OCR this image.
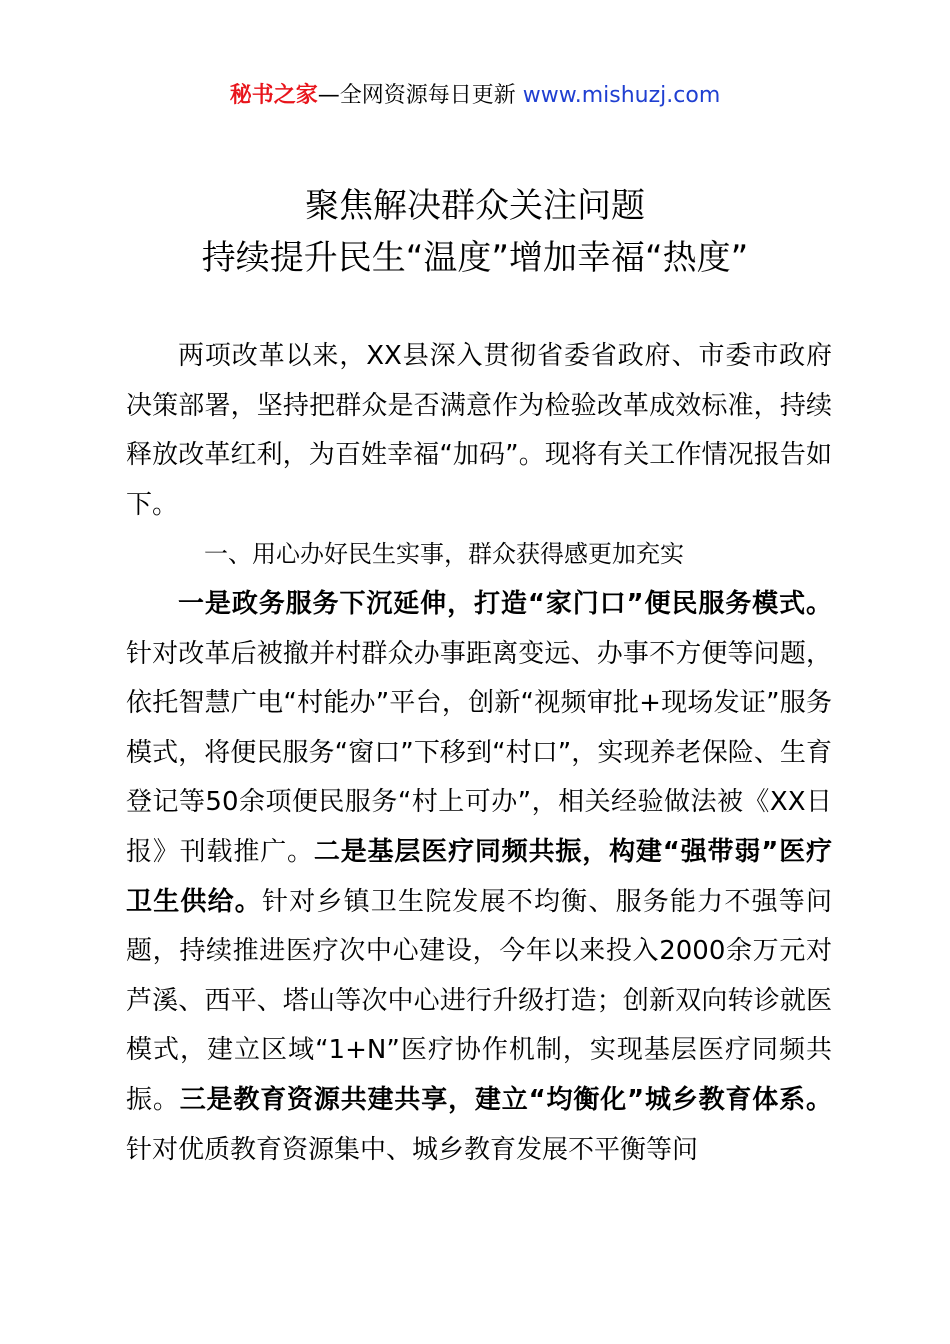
秘书之家—全网资源每日更新 www.mishuzj.com
聚焦解决群众关注问题
持续提升民生“温度”增加幸福“热度”

两项改革以来，XX县深入贯彻省委省政府、市委市政府决策部署，坚持把群众是否满意作为检验改革成效标准，持续释放改革红利，为百姓幸福“加码”。现将有关工作情况报告如下。

一、用心办好民生实事，群众获得感更加充实

一是政务服务下沉延伸，打造“家门口”便民服务模式。针对改革后被撤并村群众办事距离变远、办事不方便等问题，依托智慧广电“村能办”平台，创新“视频审批+现场发证”服务模式，将便民服务“窗口”下移到“村口”，实现养老保险、生育登记等50余项便民服务“村上可办”，相关经验做法被《XX日报》刊载推广。二是基层医疗同频共振，构建“强带弱”医疗卫生供给。针对乡镇卫生院发展不均衡、服务能力不强等问题，持续推进医疗次中心建设，今年以来投入2000余万元对芦溪、西平、塔山等次中心进行升级打造；创新双向转诊就医模式，建立区域“1+N”医疗协作机制，实现基层医疗同频共振。三是教育资源共建共享，建立“均衡化”城乡教育体系。针对优质教育资源集中、城乡教育发展不平衡等问
